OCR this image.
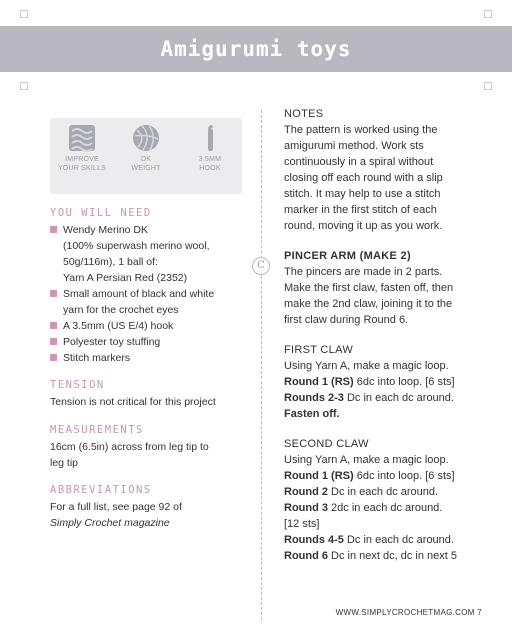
Amigurumi toys
IMPROVE
YOUR SKILLS
DK
WEIGHT
3.5MM
HOOK
YOU WILL NEED
Wendy Merino DK
(100% superwash merino wool,
50g/116m), 1 ball of:
Yarn A Persian Red (2352)
Small amount of black and white
yarn for the crochet eyes
A 3.5mm (US E/4) hook
Polyester toy stuffing
Stitch markers
TENSION
Tension is not critical for this project
MEASUREMENTS
16cm (6.5in) across from leg tip to
leg tip
ABBREVIATIONS
For a full list, see page 92 of
Simply Crochet magazine
C
NOTES
The pattern is worked using the
amigurumi method. Work sts
continuously in a spiral without
closing off each round with a slip
stitch. It may help to use a stitch
marker in the first stitch of each
round, moving it up as you work.
PINCER ARM (MAKE 2)
The pincers are made in 2 parts.
Make the first claw, fasten off, then
make the 2nd claw, joining it to the
first claw during Round 6.
FIRST CLAW
Using Yarn A, make a magic loop.
Round 1 (RS) 6dc into loop. [6 sts]
Rounds 2-3 Dc in each dc around.
Fasten off.
SECOND CLAW
Using Yarn A, make a magic loop.
Round 1 (RS) 6dc into loop. [6 sts]
Round 2 Dc in each dc around.
Round 3 2dc in each dc around.
[12 sts]
Rounds 4-5 Dc in each dc around.
Round 6 Dc in next dc, dc in next 5
WWW.SIMPLYCROCHETMAG.COM 7
